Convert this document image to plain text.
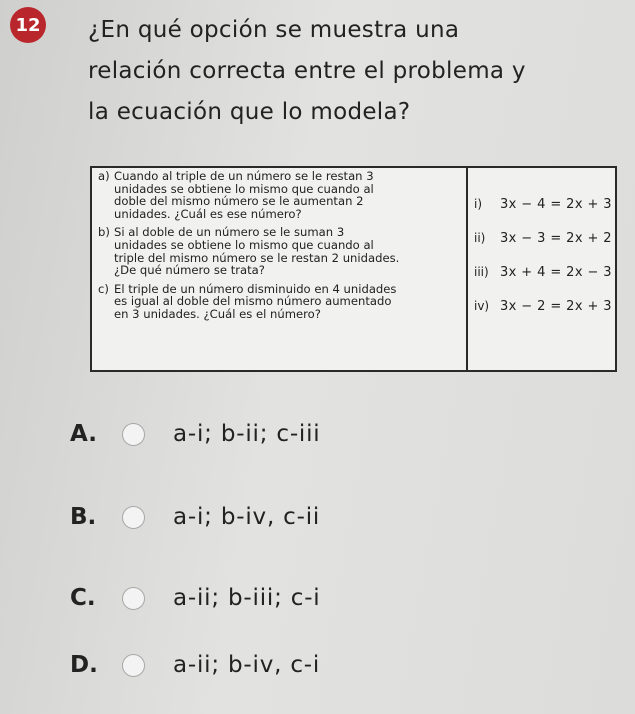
12 ¿En qué opción se muestra una
relación correcta entre el problema y
la ecuación que lo modela?
a) Cuando al triple de un número se le restan 3
unidades se obtiene lo mismo que cuando al
doble del mismo número se le aumentan 2
unidades. ¿Cuál es ese número?
b) Si al doble de un número se le suman 3
unidades se obtiene lo mismo que cuando al
triple del mismo número se le restan 2 unidades.
¿De qué número se trata?
c) El triple de un número disminuido en 4 unidades
es igual al doble del mismo número aumentado
en 3 unidades. ¿Cuál es el número?

i)	3x − 4 = 2x + 3
ii)	3x − 3 = 2x + 2
iii) 3x + 4 = 2x − 3
iv) 3x − 2 = 2x + 3
A.	a-i; b-ii; c-iii
B.	a-i; b-iv, c-ii
C.	a-ii; b-iii; c-i
D.	a-ii; b-iv, c-i
